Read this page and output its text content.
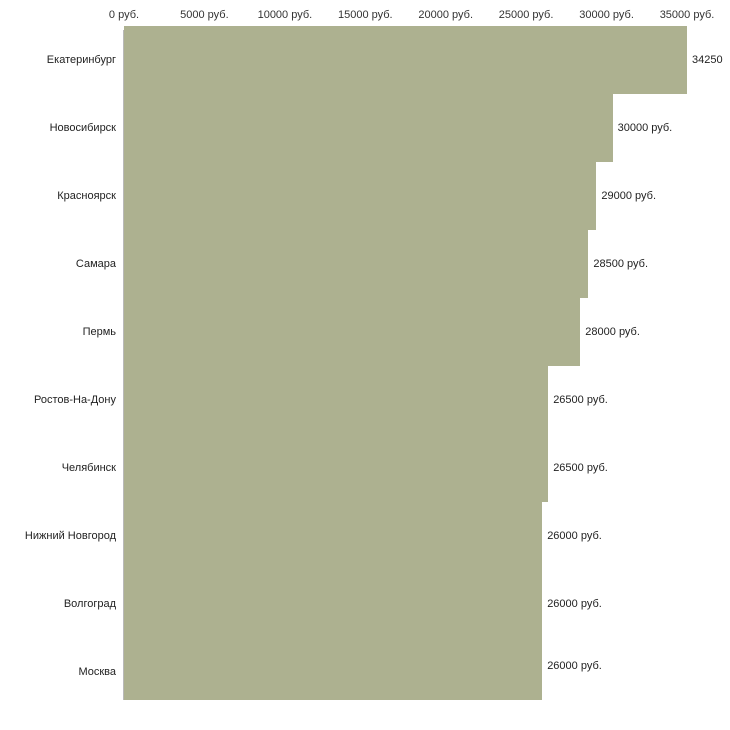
0 руб.	5000 руб.	10000 руб. 15000 руб. 20000 руб. 25000 руб. 30000 руб. 35000 руб.
Екатеринбург	34250
Новосибирск	30000 руб.
Красноярск	29000 руб.
Самара	28500 руб.
Пермь	28000 руб.
Ростов-На-Дону	26500 руб.
Челябинск	26500 руб.
Нижний Новгород	26000 руб.
Волгоград	26000 руб.
Москва	26000 руб.
